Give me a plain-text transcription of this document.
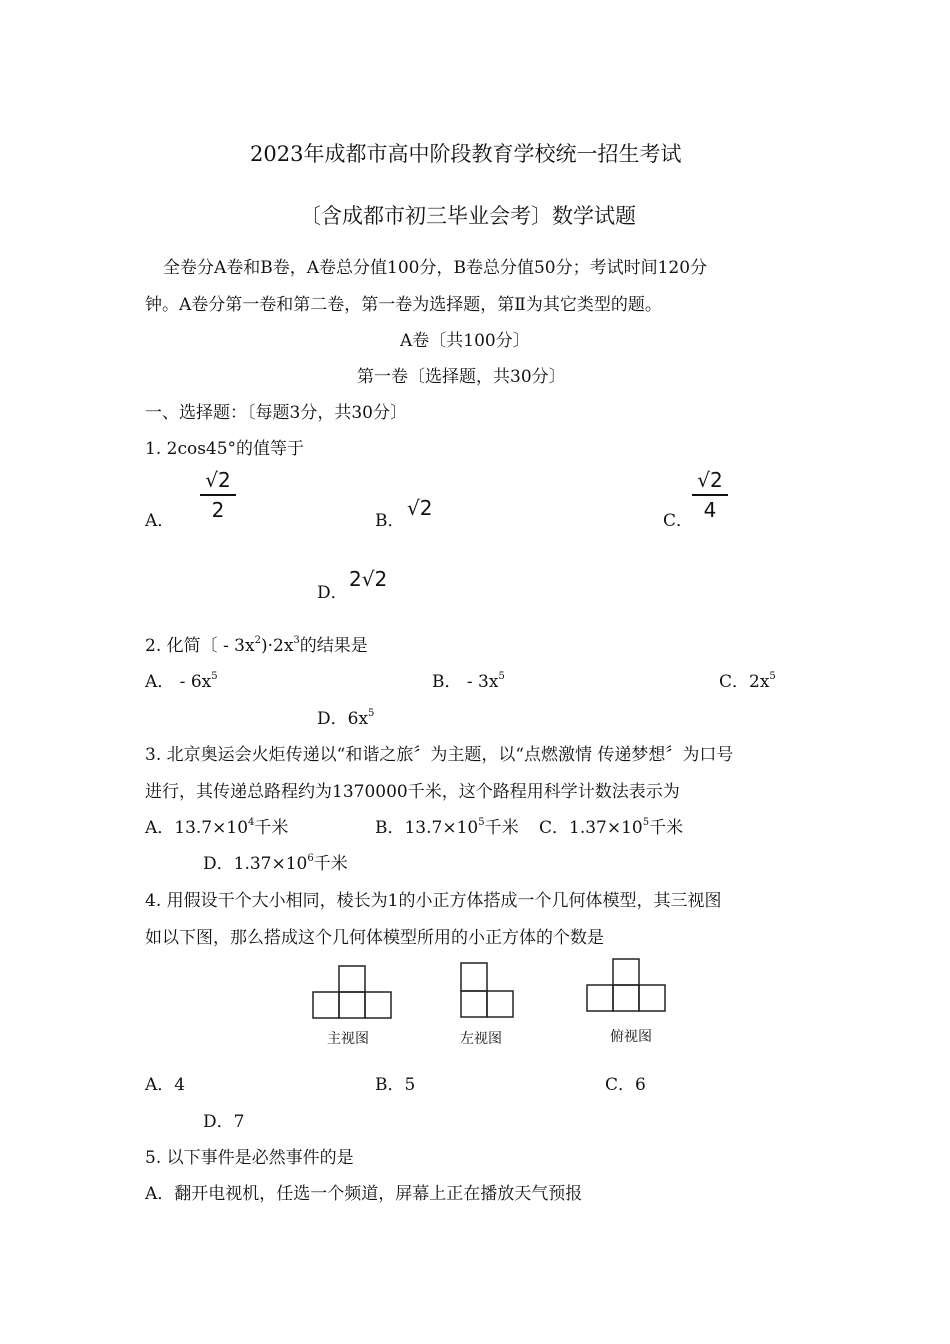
2023年成都市高中阶段教育学校统一招生考试
〔含成都市初三毕业会考〕数学试题
全卷分A卷和B卷，A卷总分值100分，B卷总分值50分；考试时间120分
钟。A卷分第一卷和第二卷，第一卷为选择题，第Ⅱ为其它类型的题。
A卷〔共100分〕
第一卷〔选择题，共30分〕
一、选择题：〔每题3分，共30分〕
1. 2cos45°的值等于
A．
√2
2	B．
√2
C．
√2
4
D．
2√2
2. 化简〔 - $3x^2)\cdot 2x^3$的结果是
A． - $6x^5$	B． - $3x^5$	C．$2x^5$
D．$6x^5$
3. 北京奥运会火炬传递以“和谐之旅〞为主题，以“点燃激情 传递梦想〞为口号
进行，其传递总路程约为1370000千米，这个路程用科学计数法表示为
A．$13.7\times 10^4$千米	B．$13.7\times 10^5$千米 C．$1.37\times 10^5$千米
D．$1.37\times 10^6$千米
4. 用假设干个大小相同，棱长为1的小正方体搭成一个几何体模型，其三视图
如以下图，那么搭成这个几何体模型所用的小正方体的个数是
主视图	左视图	俯视图
A．4	B．5	C．6
D．7
5. 以下事件是必然事件的是
A．翻开电视机，任选一个频道，屏幕上正在播放天气预报
